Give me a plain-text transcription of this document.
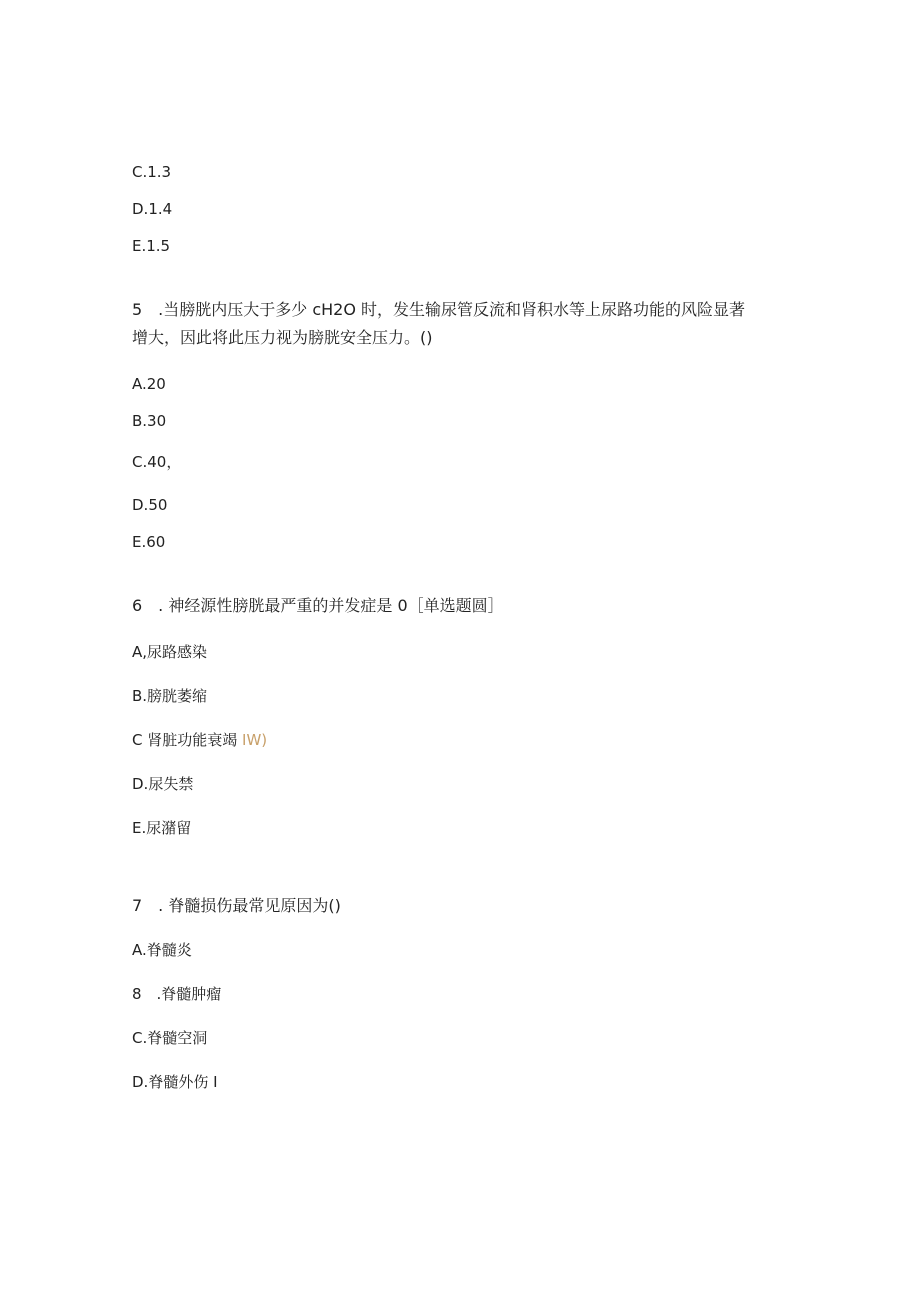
C.1.3
D.1.4
E.1.5
5　.当膀胱内压大于多少 cH2O 时，发生输尿管反流和肾积水等上尿路功能的风险显著
增大，因此将此压力视为膀胱安全压力。()
A.20
B.30
C.40，
D.50
E.60
6　. 神经源性膀胱最严重的并发症是 0［单选题圆］
A,尿路感染
B.膀胱萎缩
C 肾脏功能衰竭 IW)
D.尿失禁
E.尿潴留
7　. 脊髓损伤最常见原因为()
A.脊髓炎
8　.脊髓肿瘤
C.脊髓空洞
D.脊髓外伤 I
